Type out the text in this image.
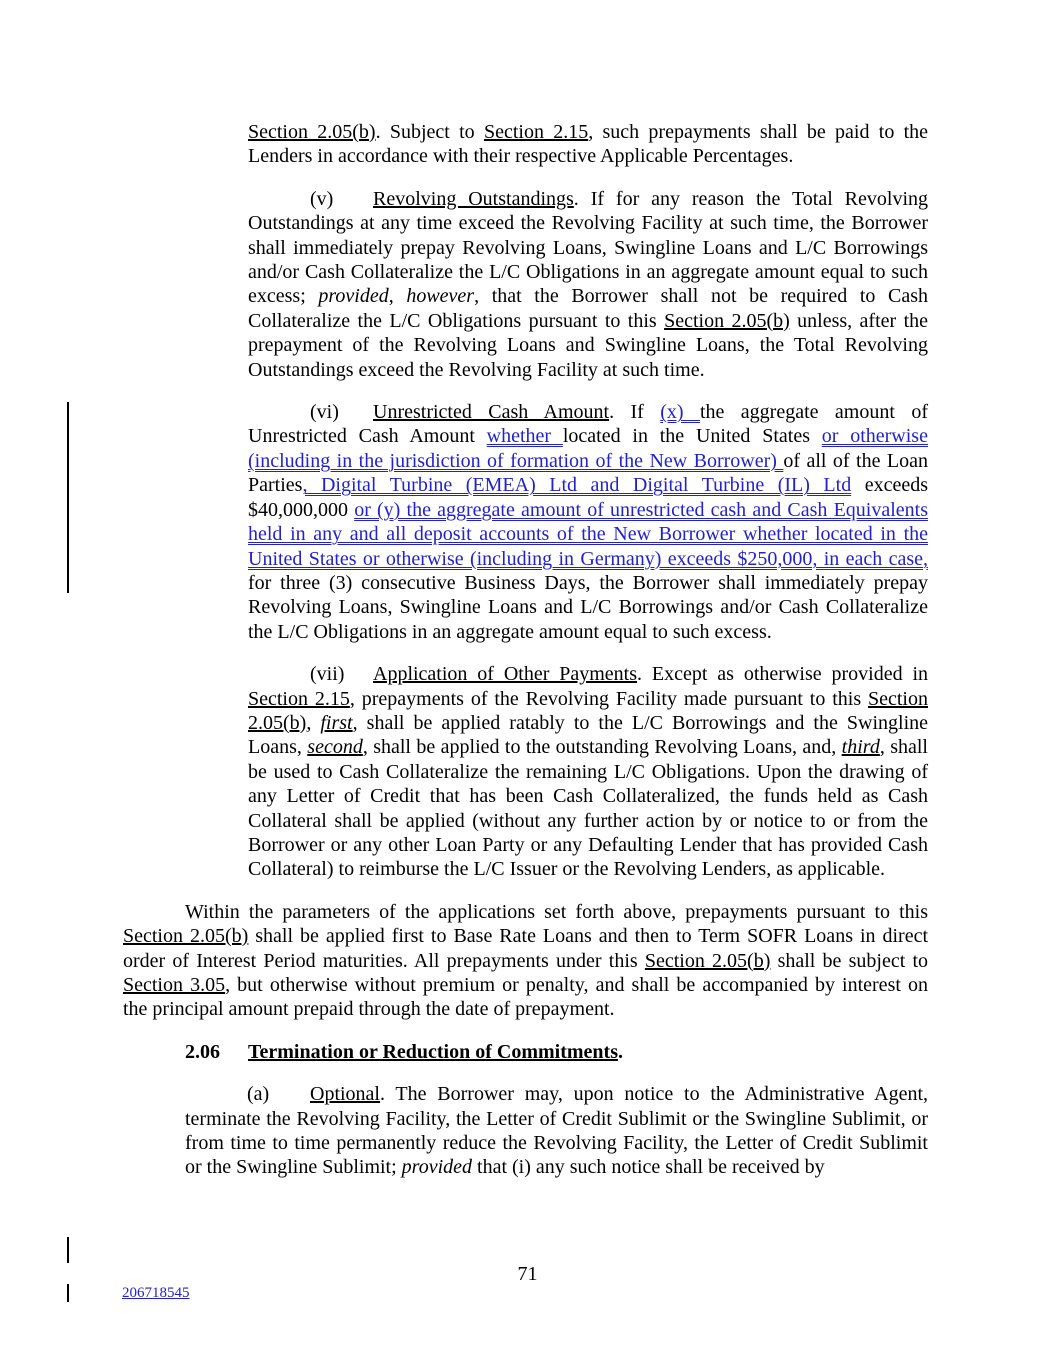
Section 2.05(b). Subject to Section 2.15, such prepayments shall be paid to the Lenders in accordance with their respective Applicable Percentages.

(v) Revolving Outstandings. If for any reason the Total Revolving Outstandings at any time exceed the Revolving Facility at such time, the Borrower shall immediately prepay Revolving Loans, Swingline Loans and L/C Borrowings and/or Cash Collateralize the L/C Obligations in an aggregate amount equal to such excess; provided, however, that the Borrower shall not be required to Cash Collateralize the L/C Obligations pursuant to this Section 2.05(b) unless, after the prepayment of the Revolving Loans and Swingline Loans, the Total Revolving Outstandings exceed the Revolving Facility at such time.

(vi) Unrestricted Cash Amount. If (x) the aggregate amount of Unrestricted Cash Amount whether located in the United States or otherwise (including in the jurisdiction of formation of the New Borrower) of all of the Loan Parties, Digital Turbine (EMEA) Ltd and Digital Turbine (IL) Ltd exceeds $40,000,000 or (y) the aggregate amount of unrestricted cash and Cash Equivalents held in any and all deposit accounts of the New Borrower whether located in the United States or otherwise (including in Germany) exceeds $250,000, in each case, for three (3) consecutive Business Days, the Borrower shall immediately prepay Revolving Loans, Swingline Loans and L/C Borrowings and/or Cash Collateralize the L/C Obligations in an aggregate amount equal to such excess.

(vii) Application of Other Payments. Except as otherwise provided in Section 2.15, prepayments of the Revolving Facility made pursuant to this Section 2.05(b), first, shall be applied ratably to the L/C Borrowings and the Swingline Loans, second, shall be applied to the outstanding Revolving Loans, and, third, shall be used to Cash Collateralize the remaining L/C Obligations. Upon the drawing of any Letter of Credit that has been Cash Collateralized, the funds held as Cash Collateral shall be applied (without any further action by or notice to or from the Borrower or any other Loan Party or any Defaulting Lender that has provided Cash Collateral) to reimburse the L/C Issuer or the Revolving Lenders, as applicable.

Within the parameters of the applications set forth above, prepayments pursuant to this Section 2.05(b) shall be applied first to Base Rate Loans and then to Term SOFR Loans in direct order of Interest Period maturities. All prepayments under this Section 2.05(b) shall be subject to Section 3.05, but otherwise without premium or penalty, and shall be accompanied by interest on the principal amount prepaid through the date of prepayment.

2.06 Termination or Reduction of Commitments.

(a) Optional. The Borrower may, upon notice to the Administrative Agent, terminate the Revolving Facility, the Letter of Credit Sublimit or the Swingline Sublimit, or from time to time permanently reduce the Revolving Facility, the Letter of Credit Sublimit or the Swingline Sublimit; provided that (i) any such notice shall be received by

71
206718545
